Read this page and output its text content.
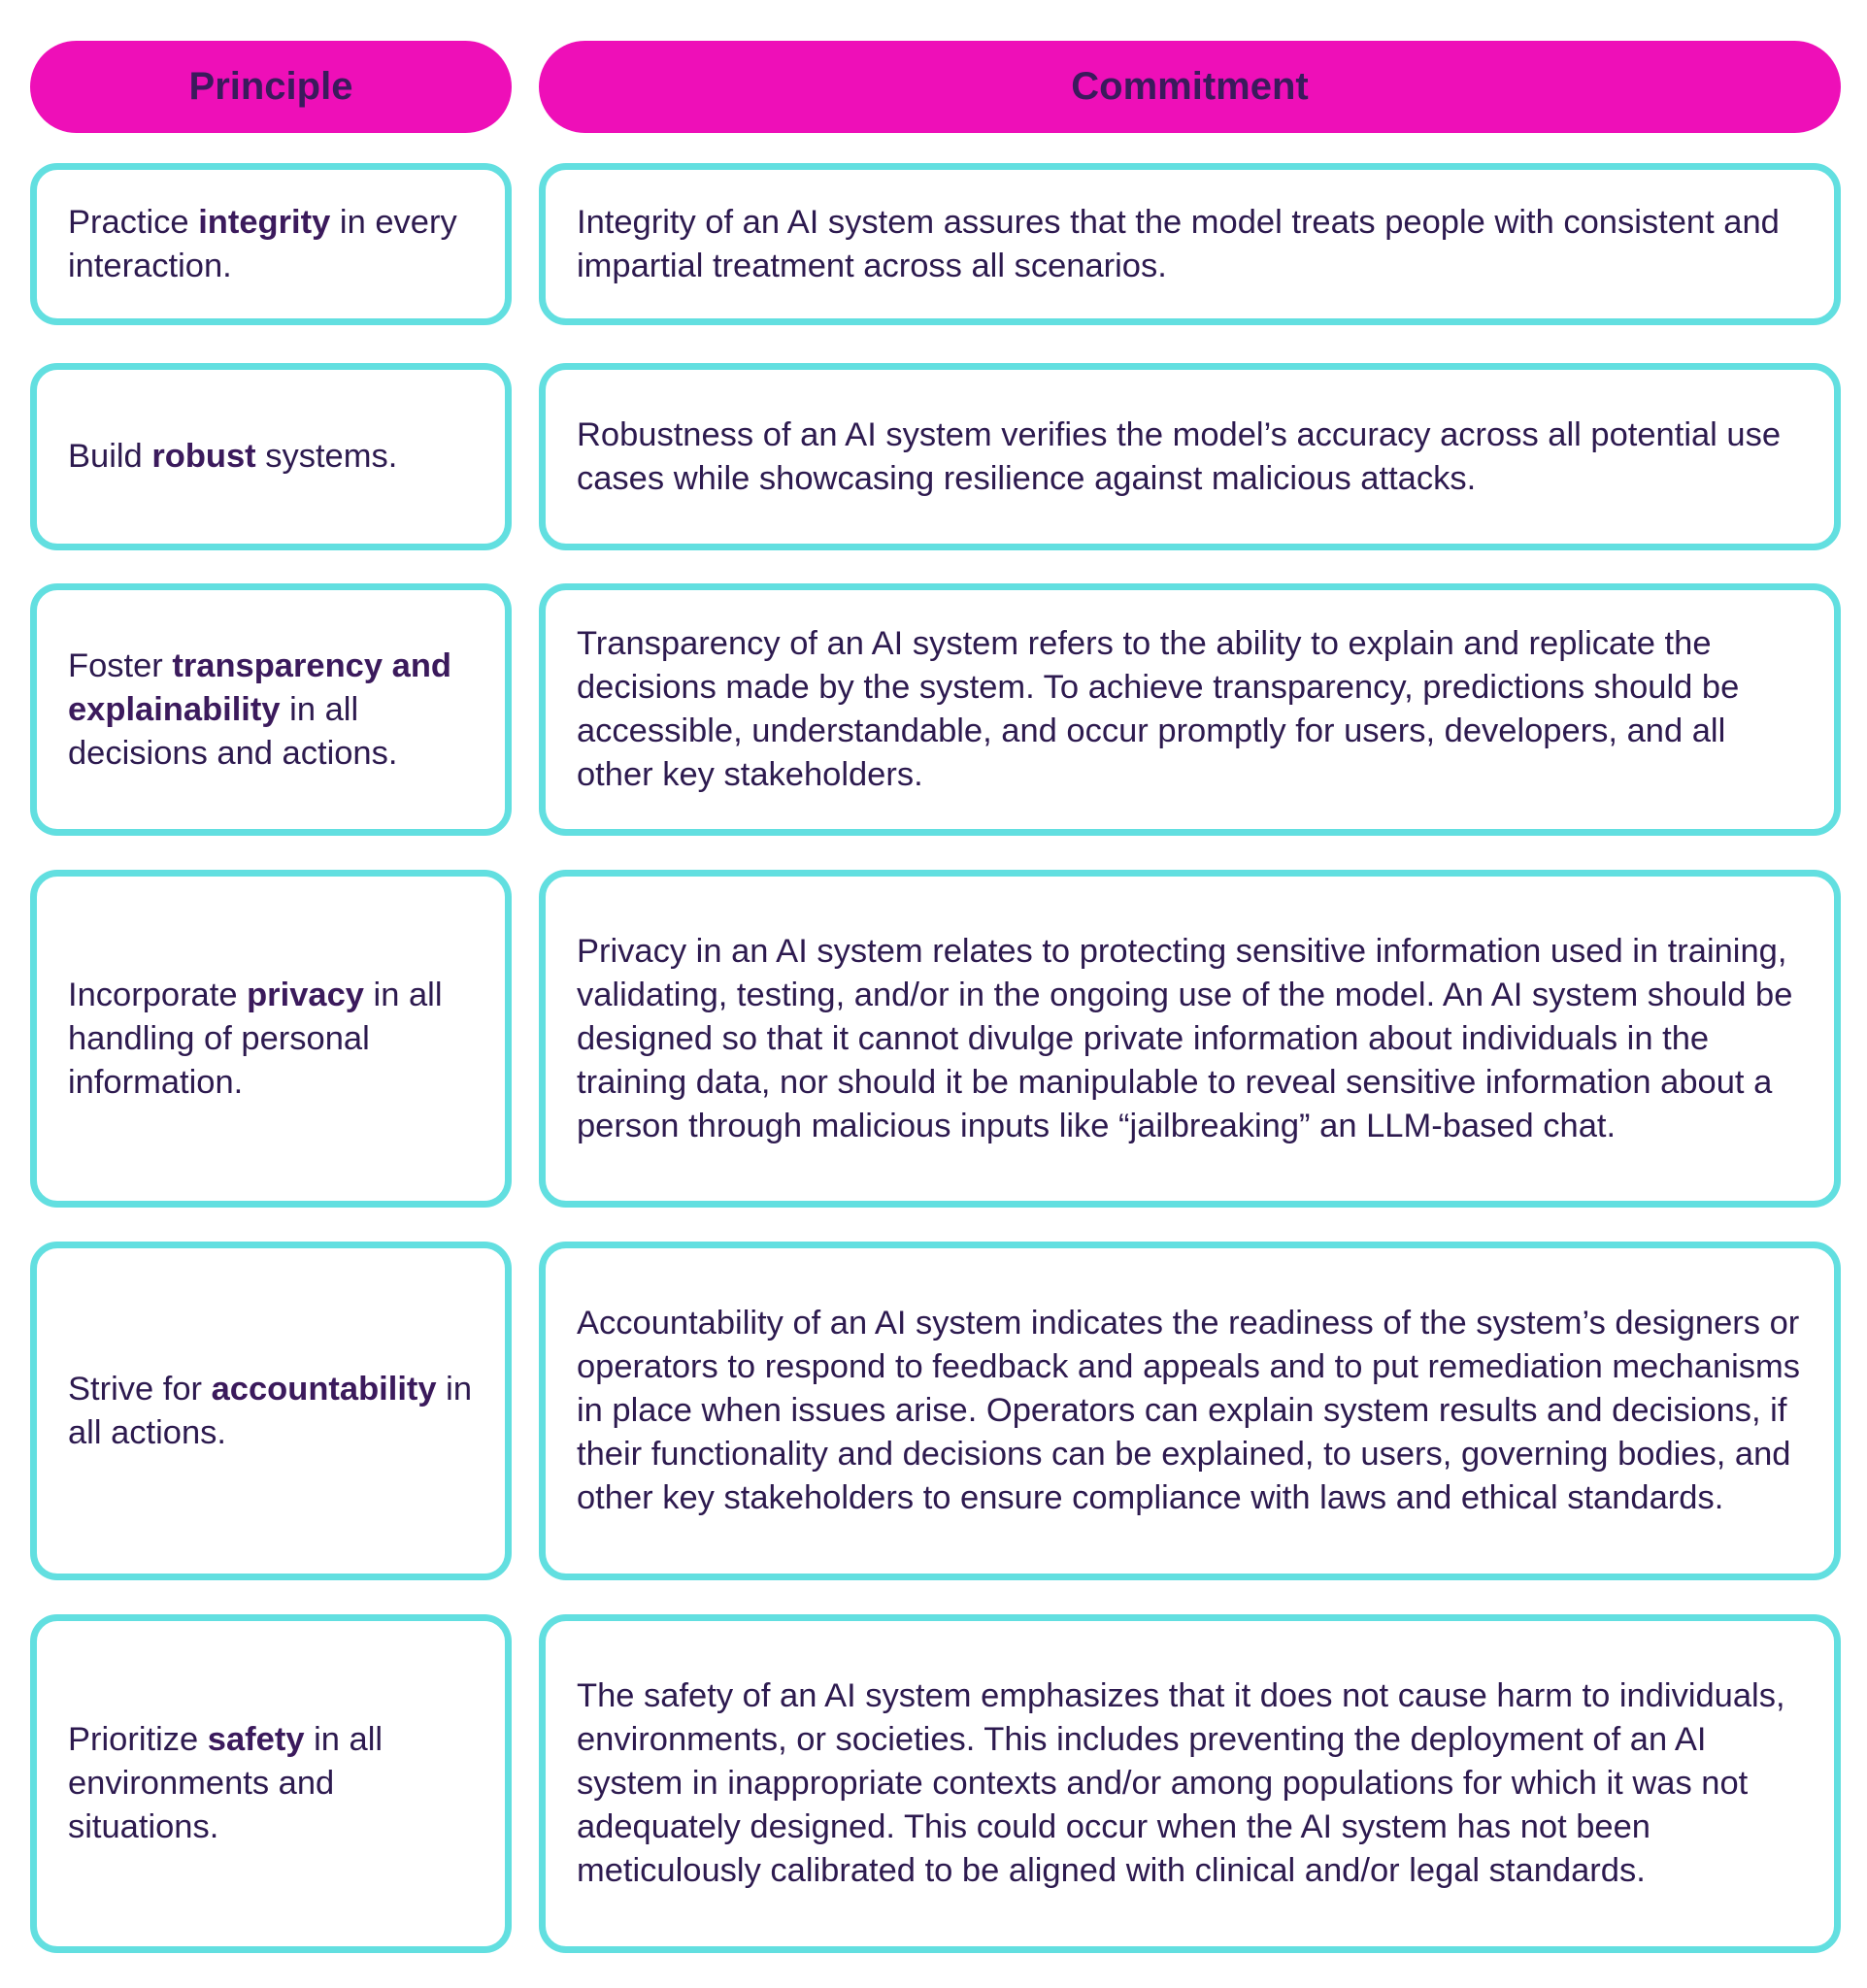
Principle	Commitment
Practice integrity in every interaction.
Integrity of an AI system assures that the model treats people with consistent and impartial treatment across all scenarios.
Build robust systems.
Robustness of an AI system verifies the model’s accuracy across all potential use cases while showcasing resilience against malicious attacks.
Foster transparency and explainability in all decisions and actions.
Transparency of an AI system refers to the ability to explain and replicate the decisions made by the system. To achieve transparency, predictions should be accessible, understandable, and occur promptly for users, developers, and all other key stakeholders.
Incorporate privacy in all handling of personal information.
Privacy in an AI system relates to protecting sensitive information used in training, validating, testing, and/or in the ongoing use of the model. An AI system should be designed so that it cannot divulge private information about individuals in the training data, nor should it be manipulable to reveal sensitive information about a person through malicious inputs like “jailbreaking” an LLM-based chat.
Strive for accountability in all actions.
Accountability of an AI system indicates the readiness of the system’s designers or operators to respond to feedback and appeals and to put remediation mechanisms in place when issues arise. Operators can explain system results and decisions, if their functionality and decisions can be explained, to users, governing bodies, and other key stakeholders to ensure compliance with laws and ethical standards.
Prioritize safety in all environments and situations.
The safety of an AI system emphasizes that it does not cause harm to individuals, environments, or societies. This includes preventing the deployment of an AI system in inappropriate contexts and/or among populations for which it was not adequately designed. This could occur when the AI system has not been meticulously calibrated to be aligned with clinical and/or legal standards.
